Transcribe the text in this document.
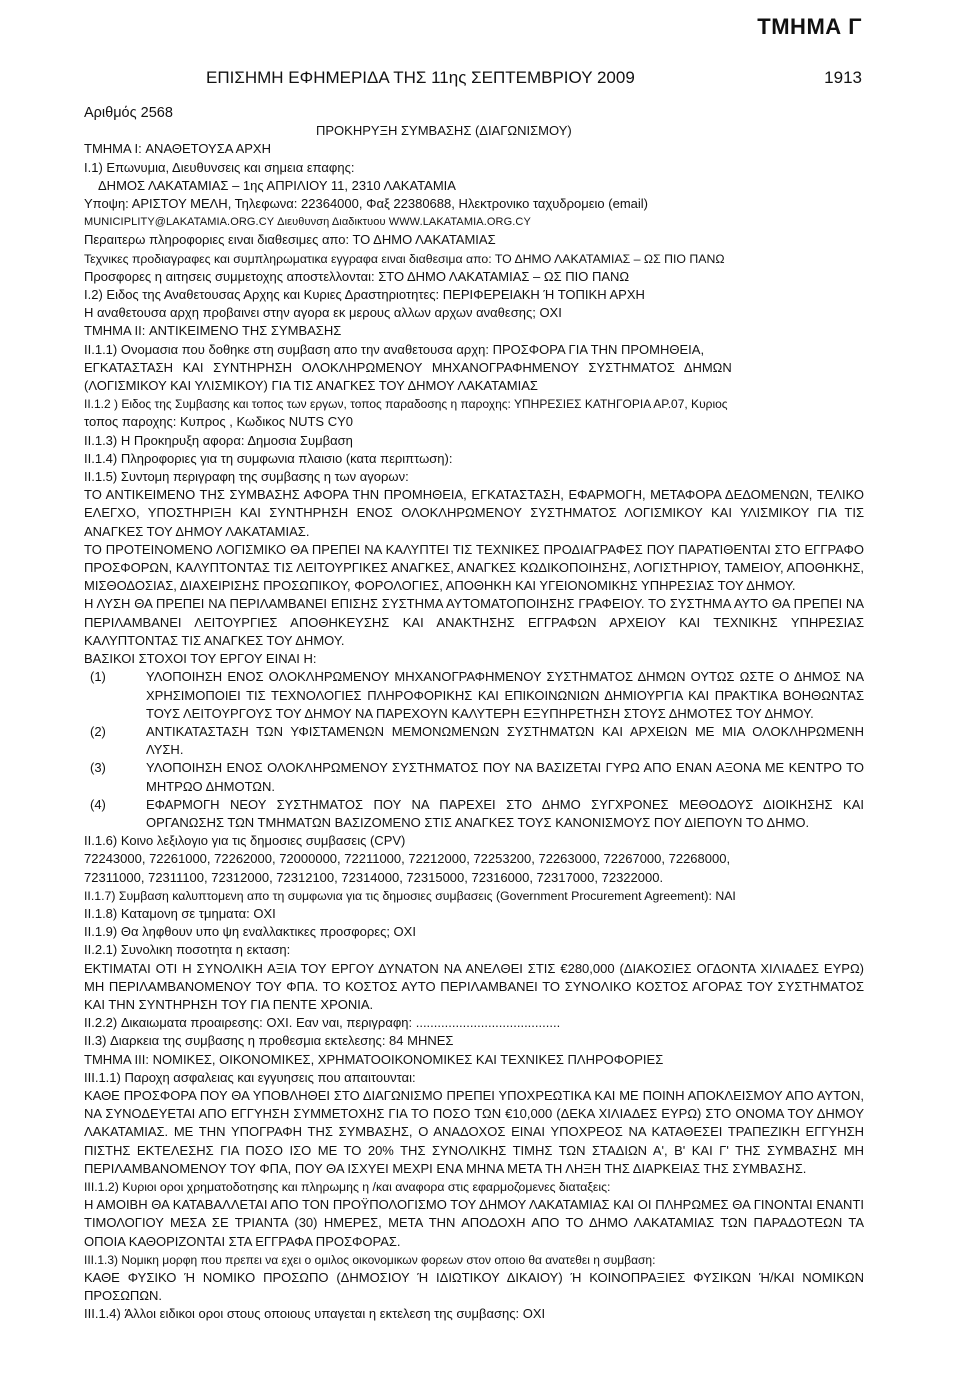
ΤΜΗΜΑ Γ
ΕΠΙΣΗΜΗ ΕΦΗΜΕΡΙΔΑ ΤΗΣ 11ης ΣΕΠΤΕΜΒΡΙΟΥ 2009	1913
Αριθμός 2568
ΠΡΟΚΗΡΥΞΗ ΣΥΜΒΑΣΗΣ (ΔΙΑΓΩΝΙΣΜΟΥ)
ΤΜΗΜΑ I: ΑΝΑΘΕΤΟΥΣΑ ΑΡΧΗ
I.1) Επωνυμια, Διευθυνσεις και σημεια επαφης:
ΔΗΜΟΣ ΛΑΚΑΤΑΜΙΑΣ – 1ης ΑΠΡΙΛΙΟΥ 11, 2310 ΛΑΚΑΤΑΜΙΑ
Υποψη: ΑΡΙΣΤΟΥ ΜΕΛΗ, Τηλεφωνα: 22364000, Φαξ 22380688, Ηλεκτρονικο ταχυδρομειο (email)
MUNICIPLITY@LAKATAMIA.ORG.CY Διευθυνση Διαδικτυου WWW.LAKATAMIA.ORG.CY
Περαιτερω πληροφοριες ειναι διαθεσιμες απο: ΤΟ ΔΗΜΟ ΛΑΚΑΤΑΜΙΑΣ
Τεχνικες προδιαγραφες και συμπληρωματικα εγγραφα ειναι διαθεσιμα απο: ΤΟ ΔΗΜΟ ΛΑΚΑΤΑΜΙΑΣ – ΩΣ ΠΙΟ ΠΑΝΩ
Προσφορες η αιτησεις συμμετοχης αποστελλονται: ΣΤΟ ΔΗΜΟ ΛΑΚΑΤΑΜΙΑΣ – ΩΣ ΠΙΟ ΠΑΝΩ
I.2) Ειδος της Αναθετουσας Αρχης και Κυριες Δραστηριοτητες: ΠΕΡΙΦΕΡΕΙΑΚΗ Ή ΤΟΠΙΚΗ ΑΡΧΗ
Η αναθετουσα αρχη προβαινει στην αγορα εκ μερους αλλων αρχων αναθεσης; ΟΧΙ
ΤΜΗΜΑ II: ΑΝΤΙΚΕΙΜΕΝΟ ΤΗΣ ΣΥΜΒΑΣΗΣ
II.1.1) Ονομασια που δοθηκε στη συμβαση απο την αναθετουσα αρχη: ΠΡΟΣΦΟΡΑ ΓΙΑ ΤΗΝ ΠΡΟΜΗΘΕΙΑ,
ΕΓΚΑΤΑΣΤΑΣΗ ΚΑΙ ΣΥΝΤΗΡΗΣΗ ΟΛΟΚΛΗΡΩΜΕΝΟΥ ΜΗΧΑΝΟΓΡΑΦΗΜΕΝΟΥ ΣΥΣΤΗΜΑΤΟΣ ΔΗΜΩΝ
(ΛΟΓΙΣΜΙΚΟΥ ΚΑΙ ΥΛΙΣΜΙΚΟΥ) ΓΙΑ ΤΙΣ ΑΝΑΓΚΕΣ ΤΟΥ ΔΗΜΟΥ ΛΑΚΑΤΑΜΙΑΣ
II.1.2 ) Ειδος της Συμβασης και τοπος των εργων, τοπος παραδοσης η παροχης: ΥΠΗΡΕΣΙΕΣ ΚΑΤΗΓΟΡΙΑ ΑΡ.07, Κυριος
τοπος παροχης: Κυπρος , Κωδικος NUTS CY0
II.1.3) Η Προκηρυξη αφορα: Δημοσια Συμβαση
II.1.4) Πληροφοριες για τη συμφωνια πλαισιο (κατα περιπτωση):
II.1.5) Συντομη περιγραφη της συμβασης η των αγορων:
ΤΟ ΑΝΤΙΚΕΙΜΕΝΟ ΤΗΣ ΣΥΜΒΑΣΗΣ ΑΦΟΡΑ ΤΗΝ ΠΡΟΜΗΘΕΙΑ, ΕΓΚΑΤΑΣΤΑΣΗ, ΕΦΑΡΜΟΓΗ, ΜΕΤΑΦΟΡΑ ΔΕΔΟΜΕΝΩΝ, ΤΕΛΙΚΟ ΕΛΕΓΧΟ, ΥΠΟΣΤΗΡΙΞΗ ΚΑΙ ΣΥΝΤΗΡΗΣΗ ΕΝΟΣ ΟΛΟΚΛΗΡΩΜΕΝΟΥ ΣΥΣΤΗΜΑΤΟΣ ΛΟΓΙΣΜΙΚΟΥ ΚΑΙ ΥΛΙΣΜΙΚΟΥ ΓΙΑ ΤΙΣ ΑΝΑΓΚΕΣ ΤΟΥ ΔΗΜΟΥ ΛΑΚΑΤΑΜΙΑΣ.
ΤΟ ΠΡΟΤΕΙΝΟΜΕΝΟ ΛΟΓΙΣΜΙΚΟ ΘΑ ΠΡΕΠΕΙ ΝΑ ΚΑΛΥΠΤΕΙ ΤΙΣ ΤΕΧΝΙΚΕΣ ΠΡΟΔΙΑΓΡΑΦΕΣ ΠΟΥ ΠΑΡΑΤΙΘΕΝΤΑΙ ΣΤΟ ΕΓΓΡΑΦΟ ΠΡΟΣΦΟΡΩΝ, ΚΑΛΥΠΤΟΝΤΑΣ ΤΙΣ ΛΕΙΤΟΥΡΓΙΚΕΣ ΑΝΑΓΚΕΣ, ΑΝΑΓΚΕΣ ΚΩΔΙΚΟΠΟΙΗΣΗΣ, ΛΟΓΙΣΤΗΡΙΟΥ, ΤΑΜΕΙΟΥ, ΑΠΟΘΗΚΗΣ, ΜΙΣΘΟΔΟΣΙΑΣ, ΔΙΑΧΕΙΡΙΣΗΣ ΠΡΟΣΩΠΙΚΟΥ, ΦΟΡΟΛΟΓΙΕΣ, ΑΠΟΘΗΚΗ ΚΑΙ ΥΓΕΙΟΝΟΜΙΚΗΣ ΥΠΗΡΕΣΙΑΣ ΤΟΥ ΔΗΜΟΥ.
Η ΛΥΣΗ ΘΑ ΠΡΕΠΕΙ ΝΑ ΠΕΡΙΛΑΜΒΑΝΕΙ ΕΠΙΣΗΣ ΣΥΣΤΗΜΑ ΑΥΤΟΜΑΤΟΠΟΙΗΣΗΣ ΓΡΑΦΕΙΟΥ. ΤΟ ΣΥΣΤΗΜΑ ΑΥΤΟ ΘΑ ΠΡΕΠΕΙ ΝΑ ΠΕΡΙΛΑΜΒΑΝΕΙ ΛΕΙΤΟΥΡΓΙΕΣ ΑΠΟΘΗΚΕΥΣΗΣ ΚΑΙ ΑΝΑΚΤΗΣΗΣ ΕΓΓΡΑΦΩΝ ΑΡΧΕΙΟΥ ΚΑΙ ΤΕΧΝΙΚΗΣ ΥΠΗΡΕΣΙΑΣ ΚΑΛΥΠΤΟΝΤΑΣ ΤΙΣ ΑΝΑΓΚΕΣ ΤΟΥ ΔΗΜΟΥ.
ΒΑΣΙΚΟΙ ΣΤΟΧΟΙ ΤΟΥ ΕΡΓΟΥ ΕΙΝΑΙ Η:
(1)	ΥΛΟΠΟΙΗΣΗ ΕΝΟΣ ΟΛΟΚΛΗΡΩΜΕΝΟΥ ΜΗΧΑΝΟΓΡΑΦΗΜΕΝΟΥ ΣΥΣΤΗΜΑΤΟΣ ΔΗΜΩΝ ΟΥΤΩΣ ΩΣΤΕ Ο ΔΗΜΟΣ ΝΑ ΧΡΗΣΙΜΟΠΟΙΕΙ ΤΙΣ ΤΕΧΝΟΛΟΓΙΕΣ ΠΛΗΡΟΦΟΡΙΚΗΣ ΚΑΙ ΕΠΙΚΟΙΝΩΝΙΩΝ ΔΗΜΙΟΥΡΓΙΑ ΚΑΙ ΠΡΑΚΤΙΚΑ ΒΟΗΘΩΝΤΑΣ ΤΟΥΣ ΛΕΙΤΟΥΡΓΟΥΣ ΤΟΥ ΔΗΜΟΥ ΝΑ ΠΑΡΕΧΟΥΝ ΚΑΛΥΤΕΡΗ ΕΞΥΠΗΡΕΤΗΣΗ ΣΤΟΥΣ ΔΗΜΟΤΕΣ ΤΟΥ ΔΗΜΟΥ.
(2)	ΑΝΤΙΚΑΤΑΣΤΑΣΗ ΤΩΝ ΥΦΙΣΤΑΜΕΝΩΝ ΜΕΜΟΝΩΜΕΝΩΝ ΣΥΣΤΗΜΑΤΩΝ ΚΑΙ ΑΡΧΕΙΩΝ ΜΕ ΜΙΑ ΟΛΟΚΛΗΡΩΜΕΝΗ ΛΥΣΗ.
(3)	ΥΛΟΠΟΙΗΣΗ ΕΝΟΣ ΟΛΟΚΛΗΡΩΜΕΝΟΥ ΣΥΣΤΗΜΑΤΟΣ ΠΟΥ ΝΑ ΒΑΣΙΖΕΤΑΙ ΓΥΡΩ ΑΠΟ ΕΝΑΝ ΑΞΟΝΑ ΜΕ ΚΕΝΤΡΟ ΤΟ ΜΗΤΡΩΟ ΔΗΜΟΤΩΝ.
(4)	ΕΦΑΡΜΟΓΗ ΝΕΟΥ ΣΥΣΤΗΜΑΤΟΣ ΠΟΥ ΝΑ ΠΑΡΕΧΕΙ ΣΤΟ ΔΗΜΟ ΣΥΓΧΡΟΝΕΣ ΜΕΘΟΔΟΥΣ ΔΙΟΙΚΗΣΗΣ ΚΑΙ ΟΡΓΑΝΩΣΗΣ ΤΩΝ ΤΜΗΜΑΤΩΝ ΒΑΣΙΖΟΜΕΝΟ ΣΤΙΣ ΑΝΑΓΚΕΣ ΤΟΥΣ ΚΑΝΟΝΙΣΜΟΥΣ ΠΟΥ ΔΙΕΠΟΥΝ ΤΟ ΔΗΜΟ.
II.1.6) Κοινο λεξιλογιο για τις δημοσιες συμβασεις (CPV)
72243000, 72261000, 72262000, 72000000, 72211000, 72212000, 72253200, 72263000, 72267000, 72268000,
72311000, 72311100, 72312000, 72312100, 72314000, 72315000, 72316000, 72317000, 72322000.
II.1.7) Συμβαση καλυπτομενη απο τη συμφωνια για τις δημοσιες συμβασεις (Government Procurement Agreement): ΝΑΙ
II.1.8) Καταμονη σε τμηματα: ΟΧΙ
II.1.9) Θα ληφθουν υπο ψη εναλλακτικες προσφορες; ΟΧΙ
II.2.1) Συνολικη ποσοτητα η εκταση:
ΕΚΤΙΜΑΤΑΙ ΟΤΙ Η ΣΥΝΟΛΙΚΗ ΑΞΙΑ ΤΟΥ ΕΡΓΟΥ ΔΥΝΑΤΟΝ ΝΑ ΑΝΕΛΘΕΙ ΣΤΙΣ €280,000 (ΔΙΑΚΟΣΙΕΣ ΟΓΔΟΝΤΑ ΧΙΛΙΑΔΕΣ ΕΥΡΩ) ΜΗ ΠΕΡΙΛΑΜΒΑΝΟΜΕΝΟΥ ΤΟΥ ΦΠΑ. ΤΟ ΚΟΣΤΟΣ ΑΥΤΟ ΠΕΡΙΛΑΜΒΑΝΕΙ ΤΟ ΣΥΝΟΛΙΚΟ ΚΟΣΤΟΣ ΑΓΟΡΑΣ ΤΟΥ ΣΥΣΤΗΜΑΤΟΣ ΚΑΙ ΤΗΝ ΣΥΝΤΗΡΗΣΗ ΤΟΥ ΓΙΑ ΠΕΝΤΕ ΧΡΟΝΙΑ.
II.2.2) Δικαιωματα προαιρεσης: ΟΧΙ. Εαν ναι, περιγραφη: ........................................
II.3) Διαρκεια της συμβασης η προθεσμια εκτελεσης: 84 ΜΗΝΕΣ
ΤΜΗΜΑ III: ΝΟΜΙΚΕΣ, ΟΙΚΟΝΟΜΙΚΕΣ, ΧΡΗΜΑΤΟΟΙΚΟΝΟΜΙΚΕΣ ΚΑΙ ΤΕΧΝΙΚΕΣ ΠΛΗΡΟΦΟΡΙΕΣ
III.1.1) Παροχη ασφαλειας και εγγυησεις που απαιτουνται:
ΚΑΘΕ ΠΡΟΣΦΟΡΑ ΠΟΥ ΘΑ ΥΠΟΒΛΗΘΕΙ ΣΤΟ ΔΙΑΓΩΝΙΣΜΟ ΠΡΕΠΕΙ ΥΠΟΧΡΕΩΤΙΚΑ ΚΑΙ ΜΕ ΠΟΙΝΗ ΑΠΟΚΛΕΙΣΜΟΥ ΑΠΟ ΑΥΤΟΝ, ΝΑ ΣΥΝΟΔΕΥΕΤΑΙ ΑΠΟ ΕΓΓΥΗΣΗ ΣΥΜΜΕΤΟΧΗΣ ΓΙΑ ΤΟ ΠΟΣΟ ΤΩΝ €10,000 (ΔΕΚΑ ΧΙΛΙΑΔΕΣ ΕΥΡΩ) ΣΤΟ ΟΝΟΜΑ ΤΟΥ ΔΗΜΟΥ ΛΑΚΑΤΑΜΙΑΣ. ΜΕ ΤΗΝ ΥΠΟΓΡΑΦΗ ΤΗΣ ΣΥΜΒΑΣΗΣ, Ο ΑΝΑΔΟΧΟΣ ΕΙΝΑΙ ΥΠΟΧΡΕΟΣ ΝΑ ΚΑΤΑΘΕΣΕΙ ΤΡΑΠΕΖΙΚΗ ΕΓΓΥΗΣΗ ΠΙΣΤΗΣ ΕΚΤΕΛΕΣΗΣ ΓΙΑ ΠΟΣΟ ΙΣΟ ΜΕ ΤΟ 20% ΤΗΣ ΣΥΝΟΛΙΚΗΣ ΤΙΜΗΣ ΤΩΝ ΣΤΑΔΙΩΝ Α', Β' ΚΑΙ Γ' ΤΗΣ ΣΥΜΒΑΣΗΣ ΜΗ ΠΕΡΙΛΑΜΒΑΝΟΜΕΝΟΥ ΤΟΥ ΦΠΑ, ΠΟΥ ΘΑ ΙΣΧΥΕΙ ΜΕΧΡΙ ΕΝΑ ΜΗΝΑ ΜΕΤΑ ΤΗ ΛΗΞΗ ΤΗΣ ΔΙΑΡΚΕΙΑΣ ΤΗΣ ΣΥΜΒΑΣΗΣ.
III.1.2) Κυριοι οροι χρηματοδοτησης και πληρωμης η /και αναφορα στις εφαρμοζομενες διαταξεις:
Η ΑΜΟΙΒΗ ΘΑ ΚΑΤΑΒΑΛΛΕΤΑΙ ΑΠΟ ΤΟΝ ΠΡΟΫΠΟΛΟΓΙΣΜΟ ΤΟΥ ΔΗΜΟΥ ΛΑΚΑΤΑΜΙΑΣ ΚΑΙ ΟΙ ΠΛΗΡΩΜΕΣ ΘΑ ΓΙΝΟΝΤΑΙ ΕΝΑΝΤΙ ΤΙΜΟΛΟΓΙΟΥ ΜΕΣΑ ΣΕ ΤΡΙΑΝΤΑ (30) ΗΜΕΡΕΣ, ΜΕΤΑ ΤΗΝ ΑΠΟΔΟΧΗ ΑΠΟ ΤΟ ΔΗΜΟ ΛΑΚΑΤΑΜΙΑΣ ΤΩΝ ΠΑΡΑΔΟΤΕΩΝ ΤΑ ΟΠΟΙΑ ΚΑΘΟΡΙΖΟΝΤΑΙ ΣΤΑ ΕΓΓΡΑΦΑ ΠΡΟΣΦΟΡΑΣ.
III.1.3) Νομικη μορφη που πρεπει να εχει ο ομιλος οικονομικων φορεων στον οποιο θα ανατεθει η συμβαση:
ΚΑΘΕ ΦΥΣΙΚΟ Ή ΝΟΜΙΚΟ ΠΡΟΣΩΠΟ (ΔΗΜΟΣΙΟΥ Ή ΙΔΙΩΤΙΚΟΥ ΔΙΚΑΙΟΥ) Ή ΚΟΙΝΟΠΡΑΞΙΕΣ ΦΥΣΙΚΩΝ Ή/ΚΑΙ ΝΟΜΙΚΩΝ ΠΡΟΣΩΠΩΝ.
III.1.4) Άλλοι ειδικοι οροι στους οποιους υπαγεται η εκτελεση της συμβασης: ΟΧΙ
